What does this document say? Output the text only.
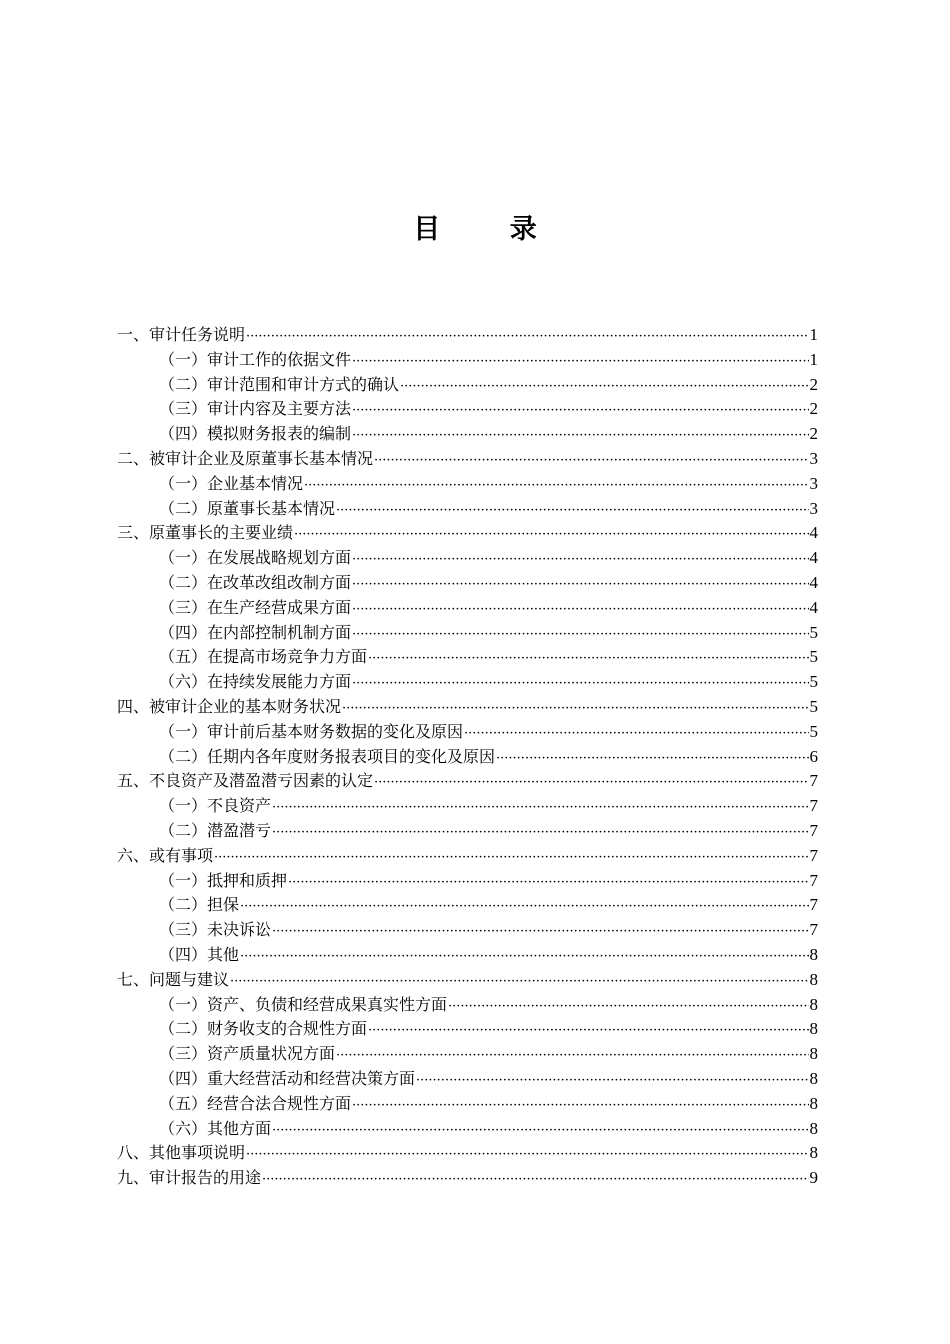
目 录
一、审计任务说明 ·····	1
（一）审计工作的依据文件 ·····	1
（二）审计范围和审计方式的确认 ·····	2
（三）审计内容及主要方法 ·····	2
（四）模拟财务报表的编制 ·····	2
二、被审计企业及原董事长基本情况 ·····	3
（一）企业基本情况 ·····	3
（二）原董事长基本情况 ·····	3
三、原董事长的主要业绩 ·····	4
（一）在发展战略规划方面 ·····	4
（二）在改革改组改制方面 ·····	4
（三）在生产经营成果方面 ·····	4
（四）在内部控制机制方面 ·····	5
（五）在提高市场竞争力方面 ·····	5
（六）在持续发展能力方面 ·····	5
四、被审计企业的基本财务状况 ·····	5
（一）审计前后基本财务数据的变化及原因 ·····	5
（二）任期内各年度财务报表项目的变化及原因 ·····	6
五、不良资产及潜盈潜亏因素的认定 ·····	7
（一）不良资产 ·····	7
（二）潜盈潜亏 ·····	7
六、或有事项 ·····	7
（一）抵押和质押 ·····	7
（二）担保 ·····	7
（三）未决诉讼 ·····	7
（四）其他 ·····	8
七、问题与建议 ·····	8
（一）资产、负债和经营成果真实性方面 ·····	8
（二）财务收支的合规性方面 ·····	8
（三）资产质量状况方面 ·····	8
（四）重大经营活动和经营决策方面 ·····	8
（五）经营合法合规性方面 ·····	8
（六）其他方面 ·····	8
八、其他事项说明 ·····	8
九、审计报告的用途 ·····	9
